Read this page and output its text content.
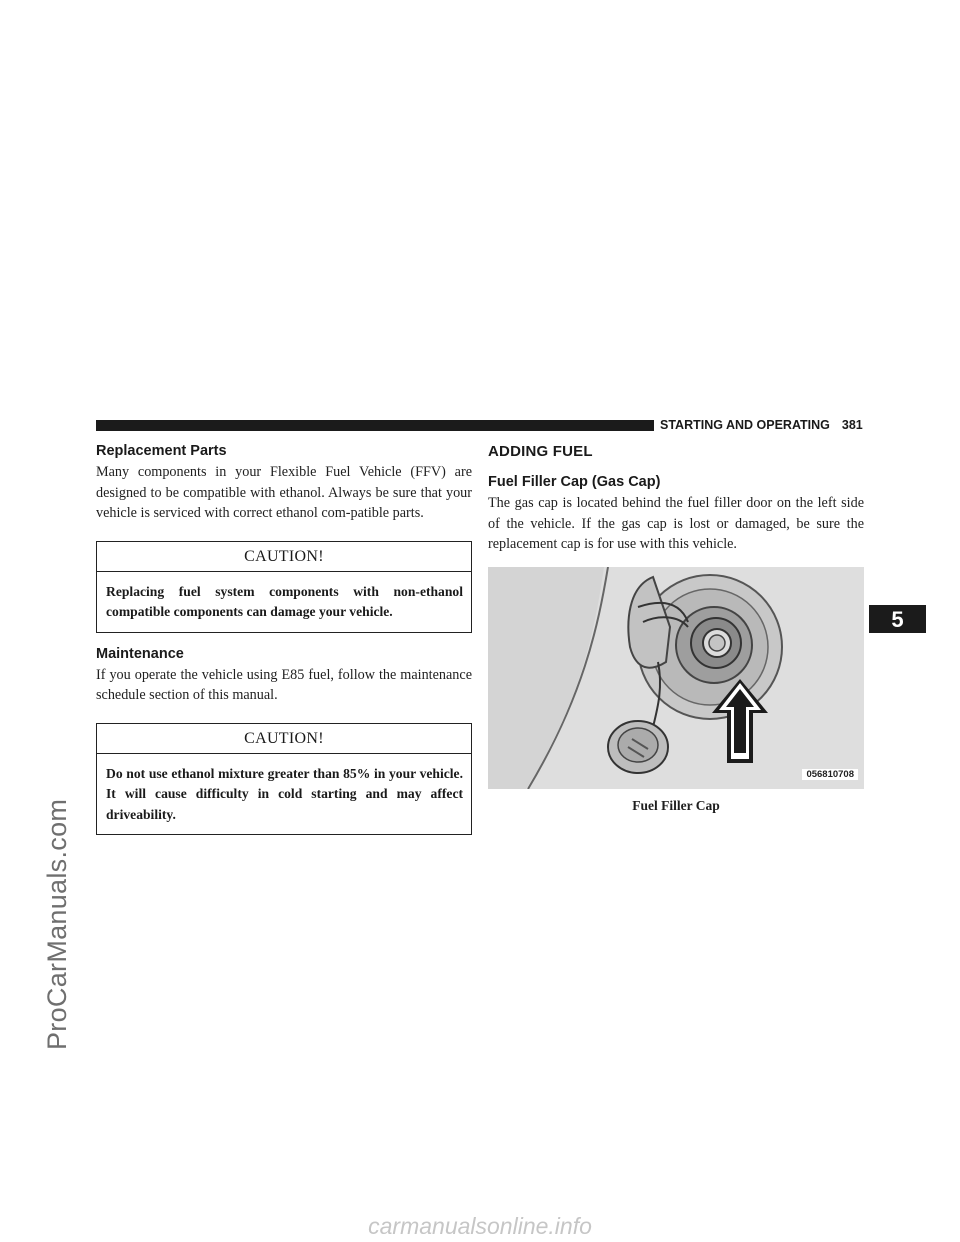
ProCarManuals.com
STARTING AND OPERATING 381
Replacement Parts

Many components in your Flexible Fuel Vehicle (FFV) are designed to be compatible with ethanol. Always be sure that your vehicle is serviced with correct ethanol com-patible parts.

CAUTION!
Replacing fuel system components with non-ethanol compatible components can damage your vehicle.
Maintenance

If you operate the vehicle using E85 fuel, follow the maintenance schedule section of this manual.

CAUTION!
Do not use ethanol mixture greater than 85% in your vehicle. It will cause difficulty in cold starting and may affect driveability.
ADDING FUEL
Fuel Filler Cap (Gas Cap)

The gas cap is located behind the fuel filler door on the left side of the vehicle. If the gas cap is lost or damaged, be sure the replacement cap is for use with this vehicle.

056810708
Fuel Filler Cap
5
carmanualsonline.info
